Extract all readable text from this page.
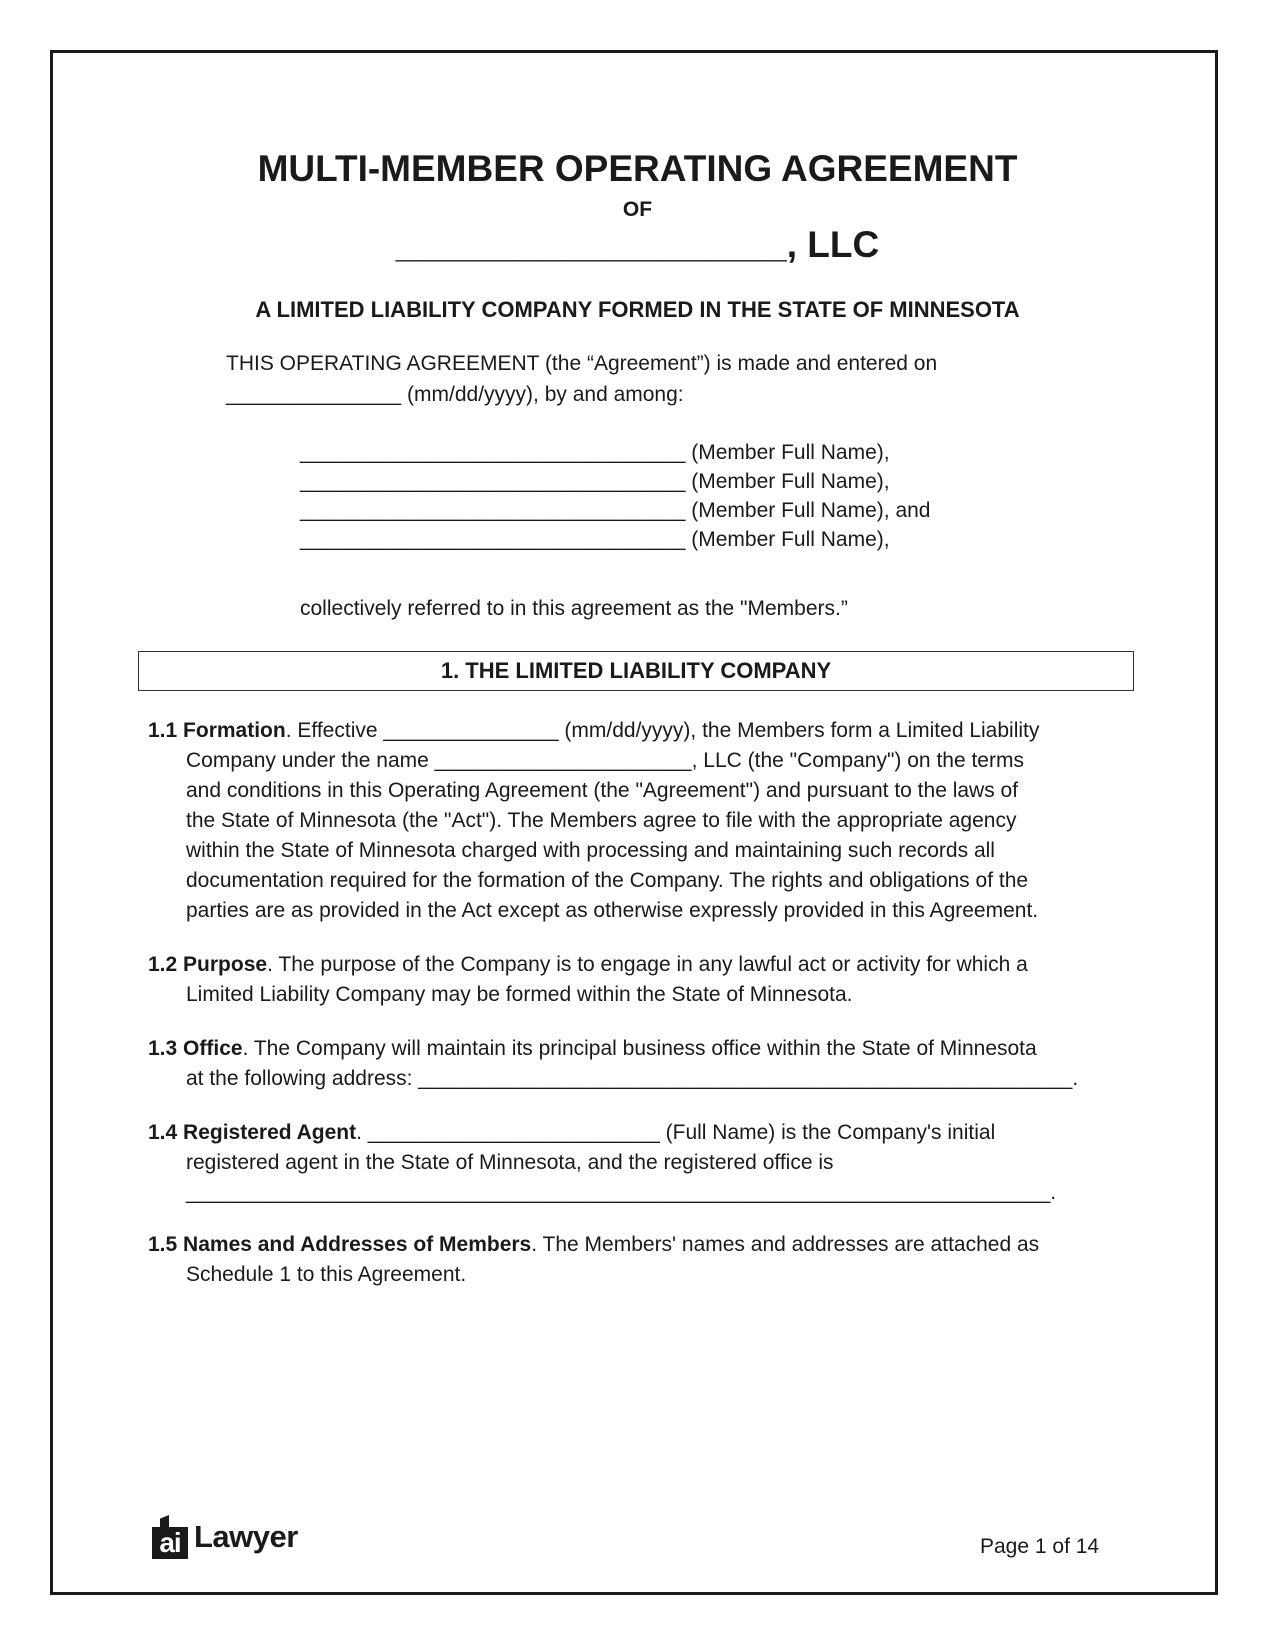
MULTI-MEMBER OPERATING AGREEMENT
OF
___________________, LLC
A LIMITED LIABILITY COMPANY FORMED IN THE STATE OF MINNESOTA
THIS OPERATING AGREEMENT (the “Agreement”) is made and entered on
_______________ (mm/dd/yyyy), by and among:
_________________________________ (Member Full Name),
_________________________________ (Member Full Name),
_________________________________ (Member Full Name), and
_________________________________ (Member Full Name),
collectively referred to in this agreement as the "Members.”
1. THE LIMITED LIABILITY COMPANY
1.1 Formation. Effective _______________ (mm/dd/yyyy), the Members form a Limited Liability
Company under the name ______________________, LLC (the "Company") on the terms
and conditions in this Operating Agreement (the "Agreement") and pursuant to the laws of
the State of Minnesota (the "Act"). The Members agree to file with the appropriate agency
within the State of Minnesota charged with processing and maintaining such records all
documentation required for the formation of the Company. The rights and obligations of the
parties are as provided in the Act except as otherwise expressly provided in this Agreement.
1.2 Purpose. The purpose of the Company is to engage in any lawful act or activity for which a
Limited Liability Company may be formed within the State of Minnesota.
1.3 Office. The Company will maintain its principal business office within the State of Minnesota
at the following address: ________________________________________________________.
1.4 Registered Agent. _________________________ (Full Name) is the Company's initial
registered agent in the State of Minnesota, and the registered office is
__________________________________________________________________________.
1.5 Names and Addresses of Members. The Members' names and addresses are attached as
Schedule 1 to this Agreement.
ai Lawyer	Page 1 of 14
